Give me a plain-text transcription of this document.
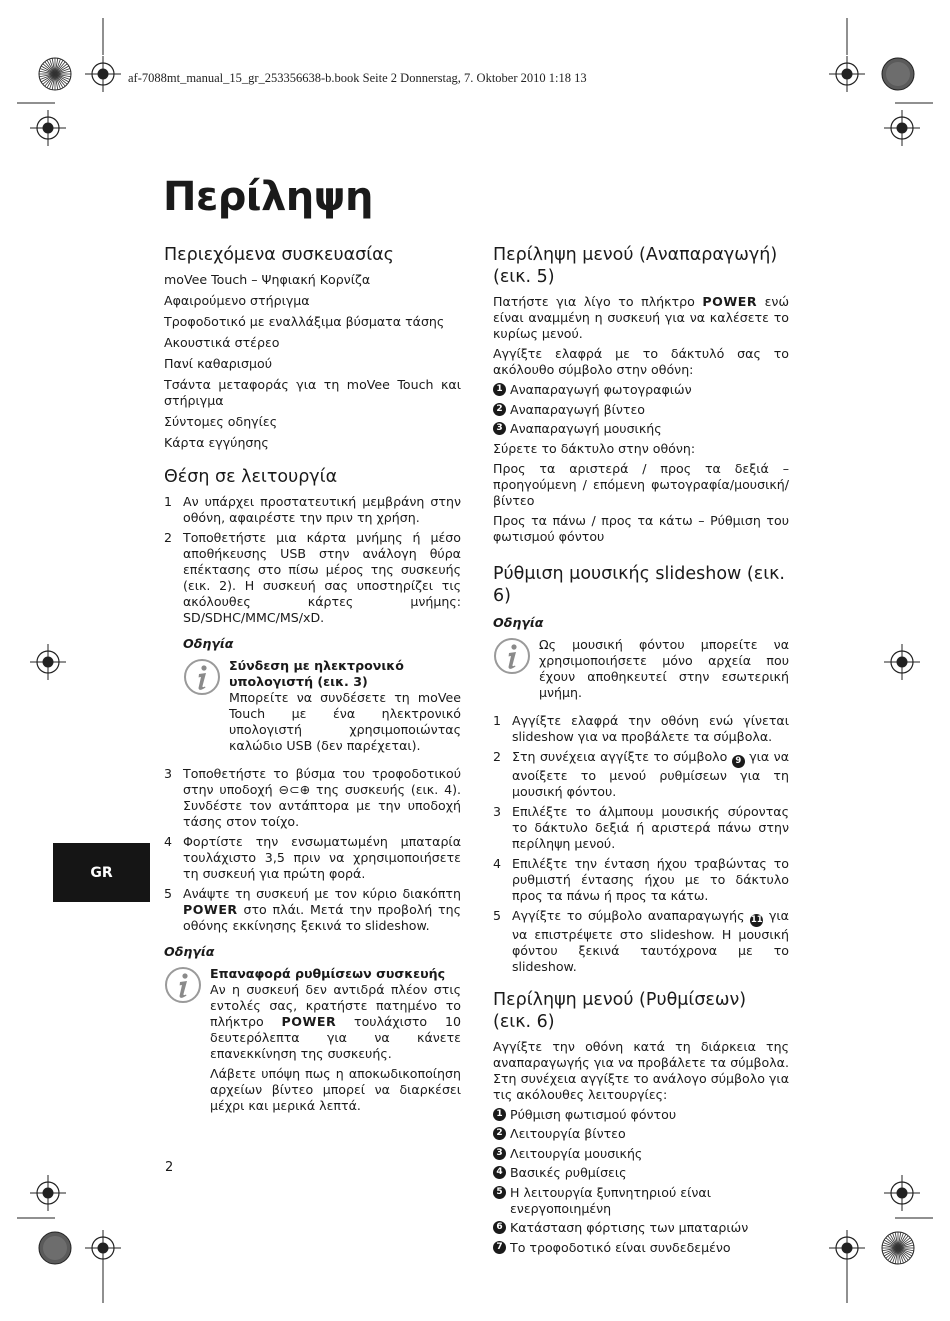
af-7088mt_manual_15_gr_253356638-b.book Seite 2 Donnerstag, 7. Oktober 2010 1:18 13
Περίληψη
Περιεχόμενα συσκευασίας
moVee Touch – Ψηφιακή Κορνίζα
Αφαιρούμενο στήριγμα
Τροφοδοτικό με εναλλάξιμα βύσματα τάσης
Ακουστικά στέρεο
Πανί καθαρισμού
Τσάντα μεταφοράς για τη moVee Touch και στήριγμα
Σύντομες οδηγίες
Κάρτα εγγύησης
Θέση σε λειτουργία
1 Αν υπάρχει προστατευτική μεμβράνη στην οθόνη, αφαιρέστε την πριν τη χρήση.
2 Τοποθετήστε μια κάρτα μνήμης ή μέσο αποθήκευσης USB στην ανάλογη θύρα επέκτασης στο πίσω μέρος της συσκευής (εικ. 2). Η συσκευή σας υποστηρίζει τις ακόλουθες κάρτες μνήμης: SD/SDHC/MMC/MS/xD.
Οδηγία
Σύνδεση με ηλεκτρονικό υπολογιστή (εικ. 3)

Μπορείτε να συνδέσετε τη moVee Touch με ένα ηλεκτρονικό υπολογιστή χρησιμοποιώντας καλώδιο USB (δεν παρέχεται).

3 Τοποθετήστε το βύσμα του τροφοδοτικού στην υποδοχή ⊖⊂⊕ της συσκευής (εικ. 4). Συνδέστε τον αντάπτορα με την υποδοχή τάσης στον τοίχο.
4 Φορτίστε την ενσωματωμένη μπαταρία τουλάχιστο 3,5 πριν να χρησιμοποιήσετε τη συσκευή για πρώτη φορά.
5 Ανάψτε τη συσκευή με τον κύριο διακόπτη POWER στο πλάι. Μετά την προβολή της οθόνης εκκίνησης ξεκινά το slideshow.
Οδηγία
Επαναφορά ρυθμίσεων συσκευής

Αν η συσκευή δεν αντιδρά πλέον στις εντολές σας, κρατήστε πατημένο το πλήκτρο POWER τουλάχιστο 10 δευτερόλεπτα για να κάνετε επανεκκίνηση της συσκευής.

Λάβετε υπόψη πως η αποκωδικοποίηση αρχείων βίντεο μπορεί να διαρκέσει μέχρι και μερικά λεπτά.

Περίληψη μενού (Αναπαραγωγή) (εικ. 5)

Πατήστε για λίγο το πλήκτρο POWER ενώ είναι αναμμένη η συσκευή για να καλέσετε το κυρίως μενού.

Αγγίξτε ελαφρά με το δάκτυλό σας το ακόλουθο σύμβολο στην οθόνη:

1 Αναπαραγωγή φωτογραφιών
2 Αναπαραγωγή βίντεο
3 Αναπαραγωγή μουσικής

Σύρετε το δάκτυλο στην οθόνη:

Προς τα αριστερά / προς τα δεξιά – προηγούμενη / επόμενη φωτογραφία/μουσική/βίντεο

Προς τα πάνω / προς τα κάτω – Ρύθμιση του φωτισμού φόντου

Ρύθμιση μουσικής slideshow (εικ. 6)
Οδηγία

Ως μουσική φόντου μπορείτε να χρησιμοποιήσετε μόνο αρχεία που έχουν αποθηκευτεί στην εσωτερική μνήμη.

1 Αγγίξτε ελαφρά την οθόνη ενώ γίνεται slideshow για να προβάλετε τα σύμβολα.
2 Στη συνέχεια αγγίξτε το σύμβολο 9 για να ανοίξετε το μενού ρυθμίσεων για τη μουσική φόντου.
3 Επιλέξτε το άλμπουμ μουσικής σύροντας το δάκτυλο δεξιά ή αριστερά πάνω στην περίληψη μενού.
4 Επιλέξτε την ένταση ήχου τραβώντας το ρυθμιστή έντασης ήχου με το δάκτυλο προς τα πάνω ή προς τα κάτω.
5 Αγγίξτε το σύμβολο αναπαραγωγής 11 για να επιστρέψετε στο slideshow. Η μουσική φόντου ξεκινά ταυτόχρονα με το slideshow.
Περίληψη μενού (Ρυθμίσεων) (εικ. 6)

Αγγίξτε την οθόνη κατά τη διάρκεια της αναπαραγωγής για να προβάλετε τα σύμβολα. Στη συνέχεια αγγίξτε το ανάλογο σύμβολο για τις ακόλουθες λειτουργίες:

1 Ρύθμιση φωτισμού φόντου
2 Λειτουργία βίντεο
3 Λειτουργία μουσικής
4 Βασικές ρυθμίσεις
5 Η λειτουργία ξυπνητηριού είναι ενεργοποιημένη
6 Κατάσταση φόρτισης των μπαταριών
7 Το τροφοδοτικό είναι συνδεδεμένο
GR
2
